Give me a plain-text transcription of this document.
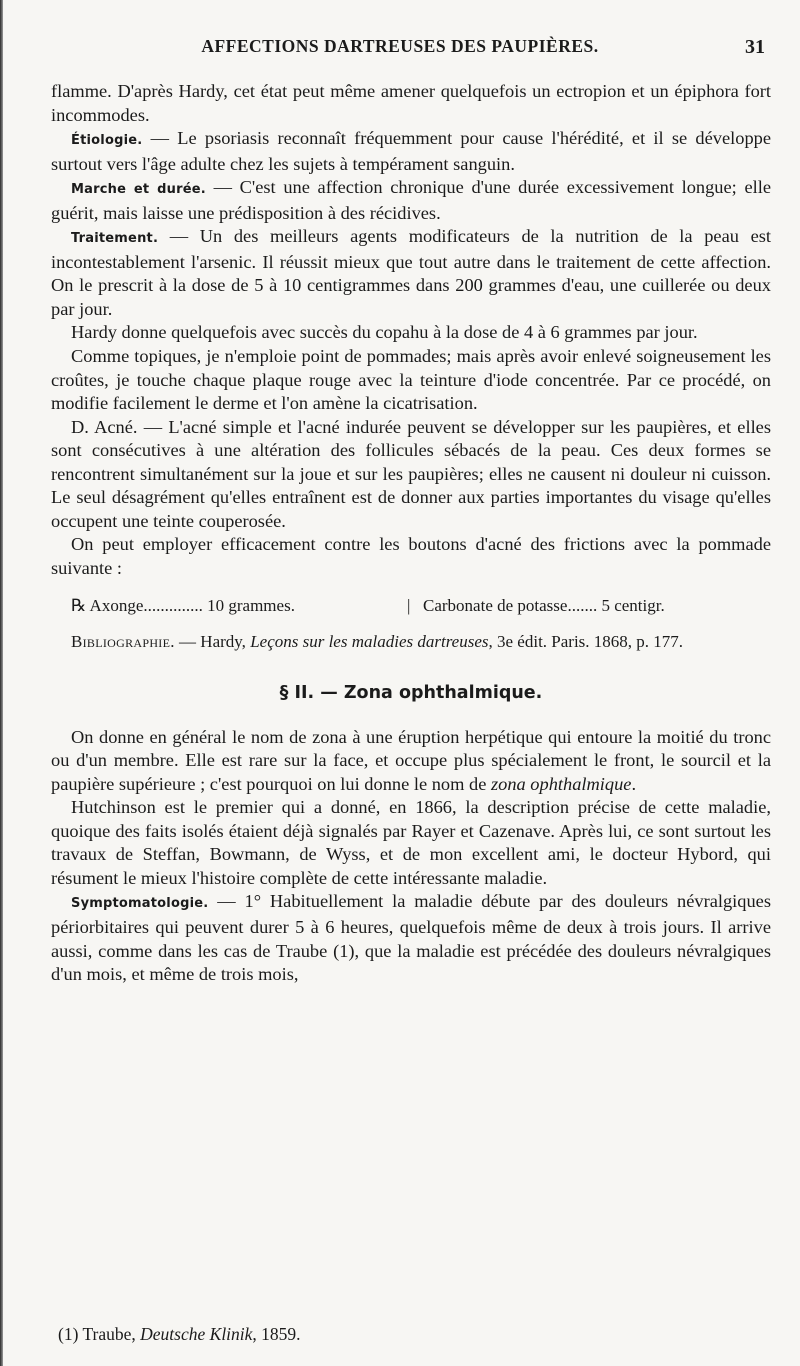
AFFECTIONS DARTREUSES DES PAUPIÈRES.	31

flamme. D'après Hardy, cet état peut même amener quelquefois un ectropion et un épiphora fort incommodes.

Étiologie. — Le psoriasis reconnaît fréquemment pour cause l'hérédité, et il se développe surtout vers l'âge adulte chez les sujets à tempérament sanguin.

Marche et durée. — C'est une affection chronique d'une durée excessivement longue; elle guérit, mais laisse une prédisposition à des récidives.

Traitement. — Un des meilleurs agents modificateurs de la nutrition de la peau est incontestablement l'arsenic. Il réussit mieux que tout autre dans le traitement de cette affection. On le prescrit à la dose de 5 à 10 centigrammes dans 200 grammes d'eau, une cuillerée ou deux par jour.

Hardy donne quelquefois avec succès du copahu à la dose de 4 à 6 grammes par jour.

Comme topiques, je n'emploie point de pommades; mais après avoir enlevé soigneusement les croûtes, je touche chaque plaque rouge avec la teinture d'iode concentrée. Par ce procédé, on modifie facilement le derme et l'on amène la cicatrisation.

D. Acné. — L'acné simple et l'acné indurée peuvent se développer sur les paupières, et elles sont consécutives à une altération des follicules sébacés de la peau. Ces deux formes se rencontrent simultanément sur la joue et sur les paupières; elles ne causent ni douleur ni cuisson. Le seul désagrément qu'elles entraînent est de donner aux parties importantes du visage qu'elles occupent une teinte couperosée.

On peut employer efficacement contre les boutons d'acné des frictions avec la pommade suivante :

℞ Axonge.............. 10 grammes.	| Carbonate de potasse....... 5 centigr.

Bibliographie. — Hardy, Leçons sur les maladies dartreuses, 3e édit. Paris. 1868, p. 177.

§ II. — Zona ophthalmique.

On donne en général le nom de zona à une éruption herpétique qui entoure la moitié du tronc ou d'un membre. Elle est rare sur la face, et occupe plus spécialement le front, le sourcil et la paupière supérieure ; c'est pourquoi on lui donne le nom de zona ophthalmique.

Hutchinson est le premier qui a donné, en 1866, la description précise de cette maladie, quoique des faits isolés étaient déjà signalés par Rayer et Cazenave. Après lui, ce sont surtout les travaux de Steffan, Bowmann, de Wyss, et de mon excellent ami, le docteur Hybord, qui résument le mieux l'histoire complète de cette intéressante maladie.

Symptomatologie. — 1° Habituellement la maladie débute par des douleurs névralgiques périorbitaires qui peuvent durer 5 à 6 heures, quelquefois même de deux à trois jours. Il arrive aussi, comme dans les cas de Traube (1), que la maladie est précédée des douleurs névralgiques d'un mois, et même de trois mois,

(1) Traube, Deutsche Klinik, 1859.
